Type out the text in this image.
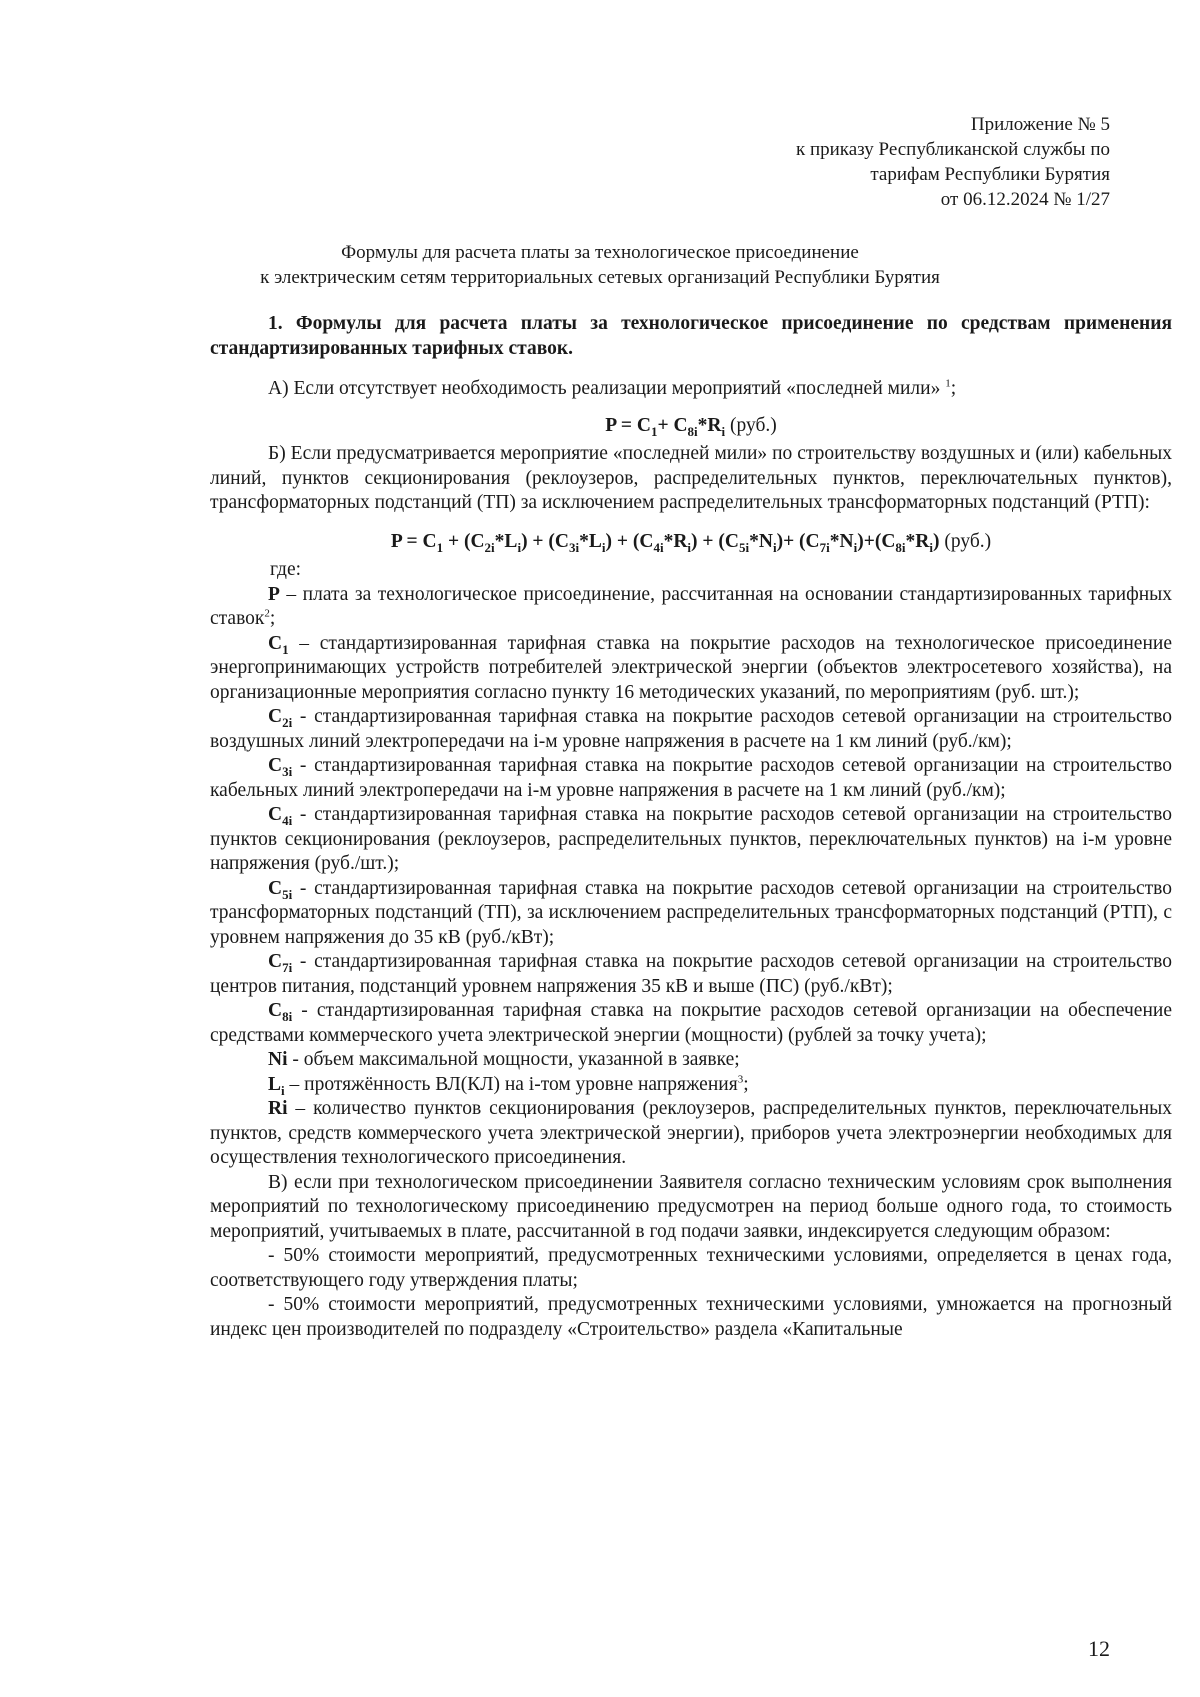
Приложение № 5
к приказу Республиканской службы по
тарифам Республики Бурятия
от 06.12.2024 № 1/27
Формулы для расчета платы за технологическое присоединение
к электрическим сетям территориальных сетевых организаций Республики Бурятия

1. Формулы для расчета платы за технологическое присоединение по средствам применения стандартизированных тарифных ставок.

А) Если отсутствует необходимость реализации мероприятий «последней мили» $^1$;

$P = C_1+ C_{8i}*R_i$ (руб.)

Б) Если предусматривается мероприятие «последней мили» по строительству воздушных и (или) кабельных линий, пунктов секционирования (реклоузеров, распределительных пунктов, переключательных пунктов), трансформаторных подстанций (ТП) за исключением распределительных трансформаторных подстанций (РТП):

$P = C_1 + (C_{2i}*L_i) + (C_{3i}*L_i) + (C_{4i}*R_i) + (C_{5i}*N_i)+ (C_{7i}*N_i)+(C_{8i}*R_i)$ (руб.)

где:

P – плата за технологическое присоединение, рассчитанная на основании стандартизированных тарифных ставок$^2$;

$C_1$ – стандартизированная тарифная ставка на покрытие расходов на технологическое присоединение энергопринимающих устройств потребителей электрической энергии (объектов электросетевого хозяйства), на организационные мероприятия согласно пункту 16 методических указаний, по мероприятиям (руб. шт.);

$C_{2i}$ - стандартизированная тарифная ставка на покрытие расходов сетевой организации на строительство воздушных линий электропередачи на i-м уровне напряжения в расчете на 1 км линий (руб./км);

$C_{3i}$ - стандартизированная тарифная ставка на покрытие расходов сетевой организации на строительство кабельных линий электропередачи на i-м уровне напряжения в расчете на 1 км линий (руб./км);

$C_{4i}$ - стандартизированная тарифная ставка на покрытие расходов сетевой организации на строительство пунктов секционирования (реклоузеров, распределительных пунктов, переключательных пунктов) на i-м уровне напряжения (руб./шт.);

$C_{5i}$ - стандартизированная тарифная ставка на покрытие расходов сетевой организации на строительство трансформаторных подстанций (ТП), за исключением распределительных трансформаторных подстанций (РТП), с уровнем напряжения до 35 кВ (руб./кВт);

$C_{7i}$ - стандартизированная тарифная ставка на покрытие расходов сетевой организации на строительство центров питания, подстанций уровнем напряжения 35 кВ и выше (ПС) (руб./кВт);

$C_{8i}$ - стандартизированная тарифная ставка на покрытие расходов сетевой организации на обеспечение средствами коммерческого учета электрической энергии (мощности) (рублей за точку учета);

Ni - объем максимальной мощности, указанной в заявке;

$L_i$ – протяжённость ВЛ(КЛ) на i-том уровне напряжения$^3$;

Ri – количество пунктов секционирования (реклоузеров, распределительных пунктов, переключательных пунктов, средств коммерческого учета электрической энергии), приборов учета электроэнергии необходимых для осуществления технологического присоединения.

В) если при технологическом присоединении Заявителя согласно техническим условиям срок выполнения мероприятий по технологическому присоединению предусмотрен на период больше одного года, то стоимость мероприятий, учитываемых в плате, рассчитанной в год подачи заявки, индексируется следующим образом:

- 50% стоимости мероприятий, предусмотренных техническими условиями, определяется в ценах года, соответствующего году утверждения платы;

- 50% стоимости мероприятий, предусмотренных техническими условиями, умножается на прогнозный индекс цен производителей по подразделу «Строительство» раздела «Капитальные

12
